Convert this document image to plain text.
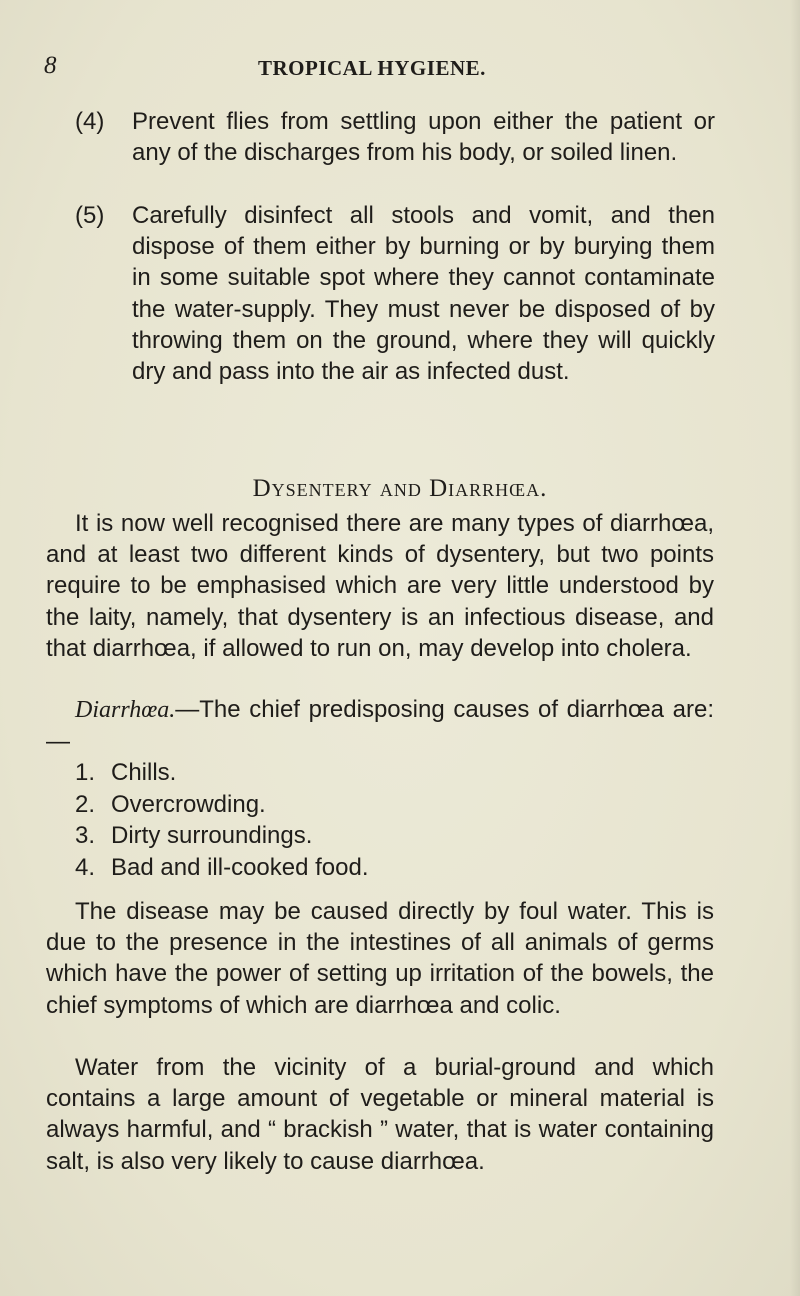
8	TROPICAL HYGIENE.
(4) Prevent flies from settling upon either the patient or any of the discharges from his body, or soiled linen.
(5) Carefully disinfect all stools and vomit, and then dispose of them either by burning or by burying them in some suitable spot where they cannot contaminate the water-supply. They must never be disposed of by throwing them on the ground, where they will quickly dry and pass into the air as infected dust.
Dysentery and Diarrhœa.
It is now well recognised there are many types of diarrhœa, and at least two different kinds of dysentery, but two points require to be emphasised which are very little understood by the laity, namely, that dysentery is an infectious disease, and that diarrhœa, if allowed to run on, may develop into cholera.
Diarrhœa.—The chief predisposing causes of diarrhœa are:—
1. Chills.
2. Overcrowding.
3. Dirty surroundings.
4. Bad and ill-cooked food.
The disease may be caused directly by foul water. This is due to the presence in the intestines of all animals of germs which have the power of setting up irritation of the bowels, the chief symptoms of which are diarrhœa and colic.
Water from the vicinity of a burial-ground and which contains a large amount of vegetable or mineral material is always harmful, and “ brackish ” water, that is water containing salt, is also very likely to cause diarrhœa.
